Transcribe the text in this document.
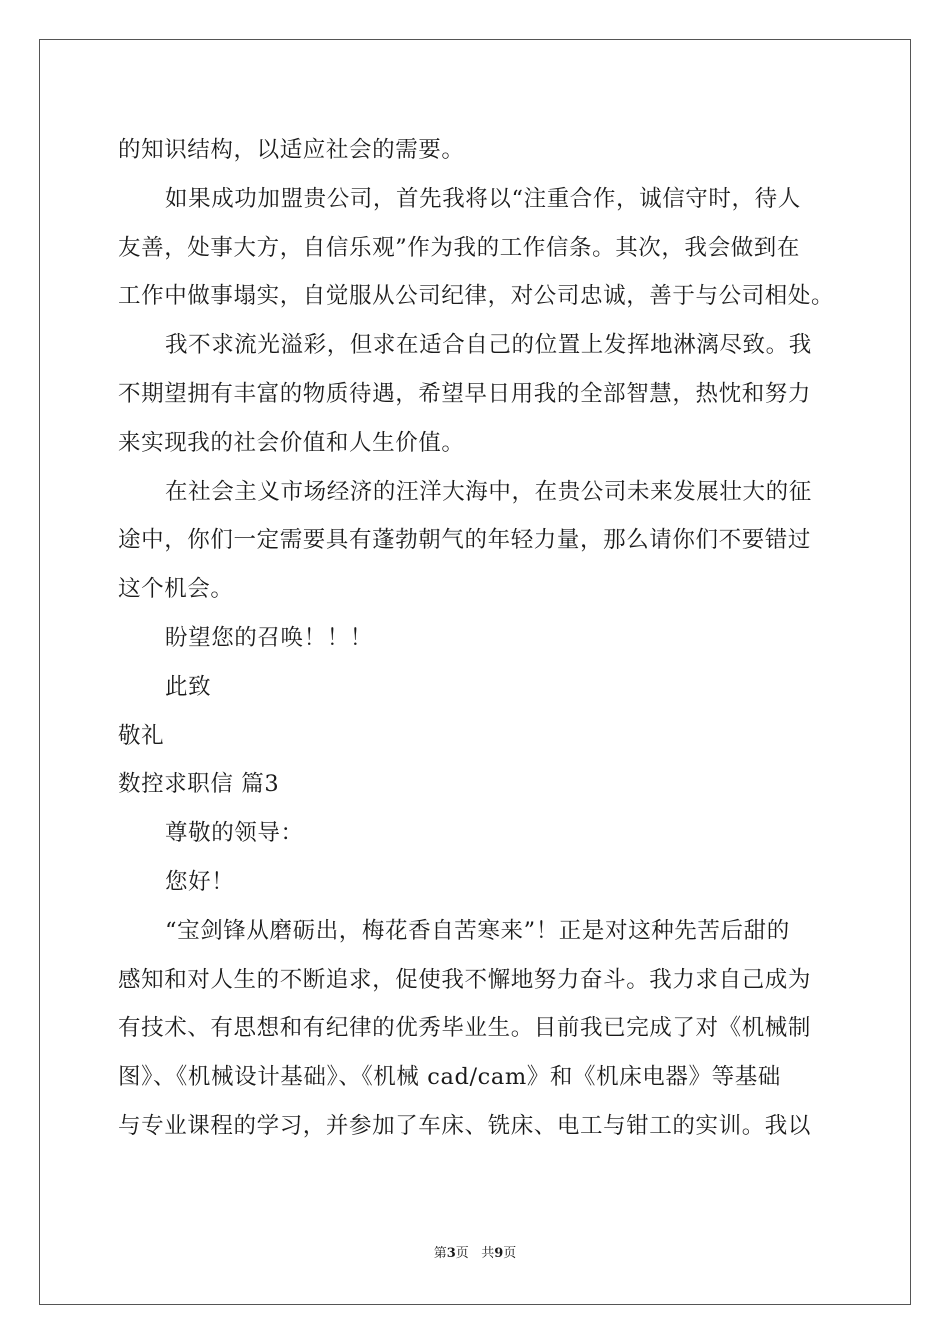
的知识结构，以适应社会的需要。
如果成功加盟贵公司，首先我将以“注重合作，诚信守时，待人
友善，处事大方，自信乐观”作为我的工作信条。其次，我会做到在
工作中做事塌实，自觉服从公司纪律，对公司忠诚，善于与公司相处。
我不求流光溢彩，但求在适合自己的位置上发挥地淋漓尽致。我
不期望拥有丰富的物质待遇，希望早日用我的全部智慧，热忱和努力
来实现我的社会价值和人生价值。
在社会主义市场经济的汪洋大海中，在贵公司未来发展壮大的征
途中，你们一定需要具有蓬勃朝气的年轻力量，那么请你们不要错过
这个机会。
盼望您的召唤！！！
此致
敬礼
数控求职信 篇3
尊敬的领导：
您好！
“宝剑锋从磨砺出，梅花香自苦寒来”！正是对这种先苦后甜的
感知和对人生的不断追求，促使我不懈地努力奋斗。我力求自己成为
有技术、有思想和有纪律的优秀毕业生。目前我已完成了对《机械制
图》、《机械设计基础》、《机械 cad/cam》和《机床电器》等基础
与专业课程的学习，并参加了车床、铣床、电工与钳工的实训。我以
第3页 共9页
